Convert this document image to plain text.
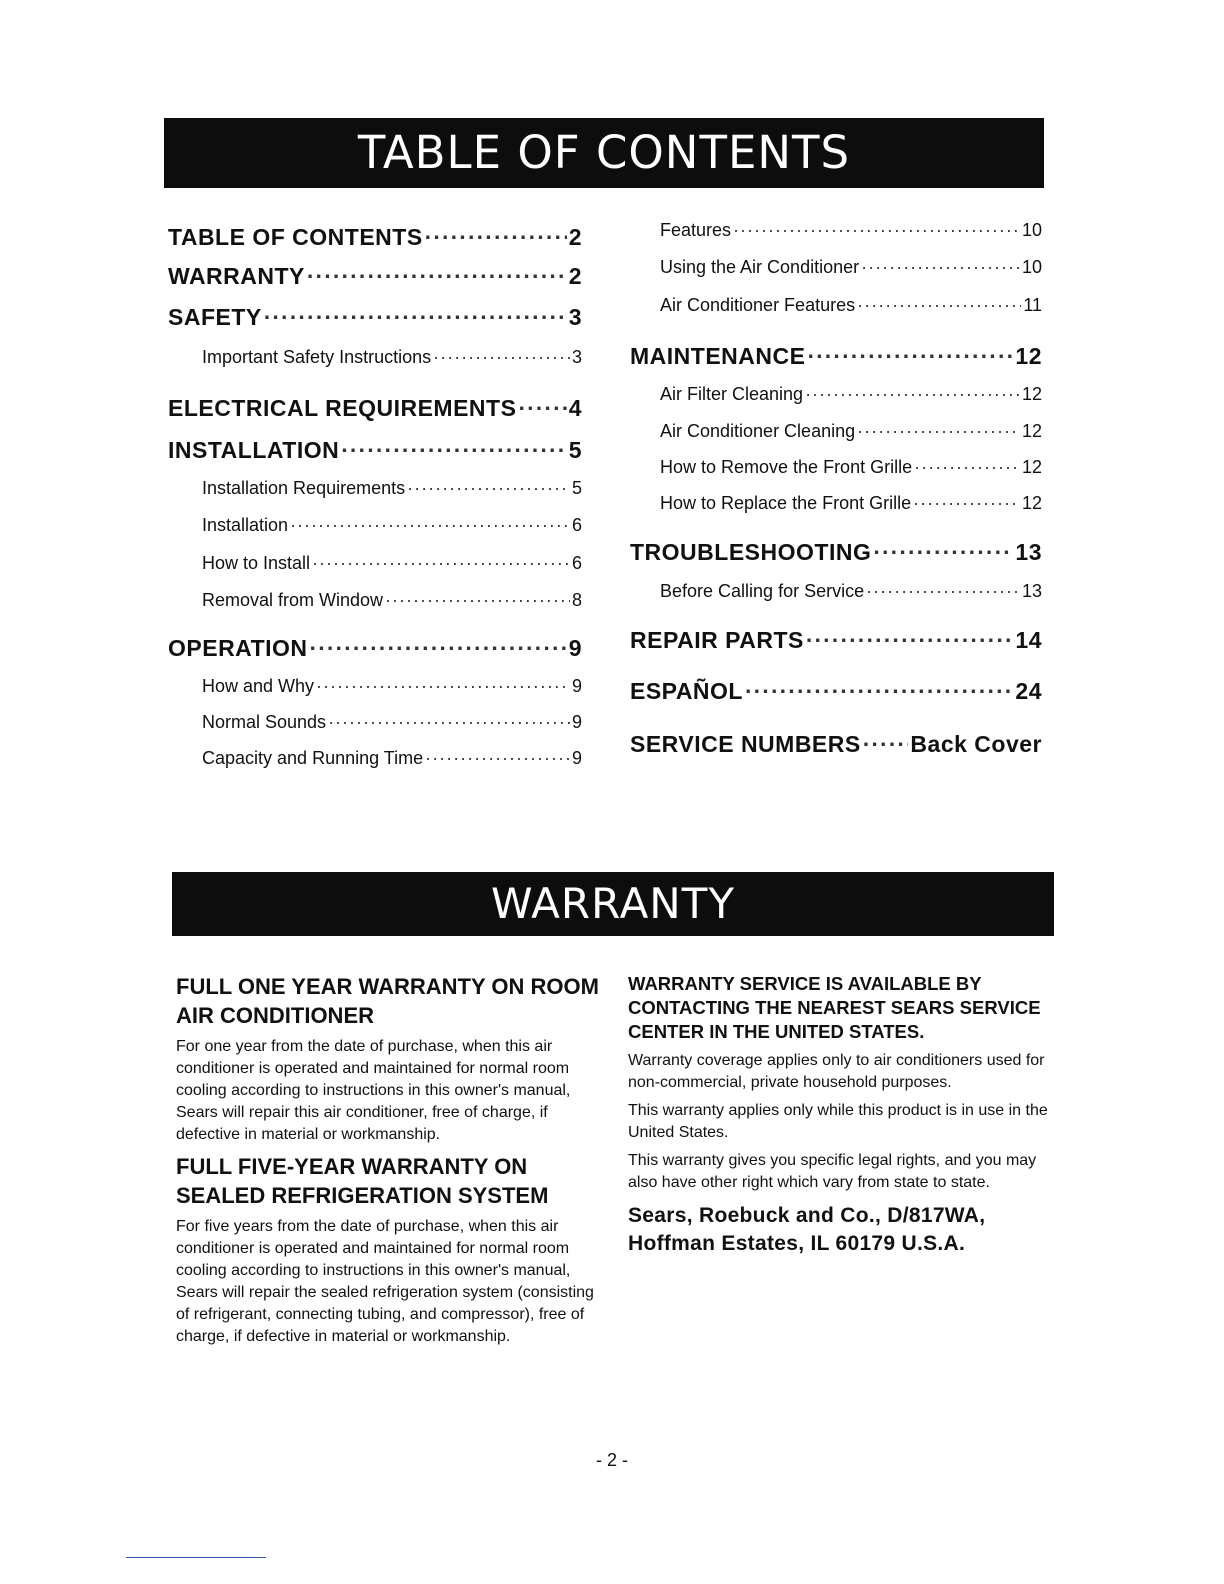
TABLE OF CONTENTS
TABLE OF CONTENTS ·····	2
WARRANTY ·····	2
SAFETY ·····	3
Important Safety Instructions ·····	3
ELECTRICAL REQUIREMENTS ····· 4
INSTALLATION ·····	5
Installation Requirements ·····	5
Installation ·····	6
How to Install ·····	6
Removal from Window ·····	8
OPERATION ·····	9
How and Why ·····	9
Normal Sounds ·····	9
Capacity and Running Time ·····	9
Features ·····	10
Using the Air Conditioner ·····	10
Air Conditioner Features ·····	11
MAINTENANCE ·····	12
Air Filter Cleaning ·····	12
Air Conditioner Cleaning ·····	12
How to Remove the Front Grille ·····	12
How to Replace the Front Grille ·····	12
TROUBLESHOOTING ·····	13
Before Calling for Service ·····	13
REPAIR PARTS ·····	14
ESPAÑOL ·····	24
SERVICE NUMBERS ····· Back Cover
WARRANTY

FULL ONE YEAR WARRANTY ON ROOM AIR CONDITIONER

For one year from the date of purchase, when this air conditioner is operated and maintained for normal room cooling according to instructions in this owner's manual, Sears will repair this air conditioner, free of charge, if defective in material or workmanship.

FULL FIVE-YEAR WARRANTY ON SEALED REFRIGERATION SYSTEM

For five years from the date of purchase, when this air conditioner is operated and maintained for normal room cooling according to instructions in this owner's manual, Sears will repair the sealed refrigeration system (consisting of refrigerant, connecting tubing, and compressor), free of charge, if defective in material or workmanship.

WARRANTY SERVICE IS AVAILABLE BY CONTACTING THE NEAREST SEARS SERVICE CENTER IN THE UNITED STATES.

Warranty coverage applies only to air conditioners used for non-commercial, private household purposes.

This warranty applies only while this product is in use in the United States.

This warranty gives you specific legal rights, and you may also have other right which vary from state to state.

Sears, Roebuck and Co., D/817WA,
Hoffman Estates, IL 60179 U.S.A.
- 2 -
